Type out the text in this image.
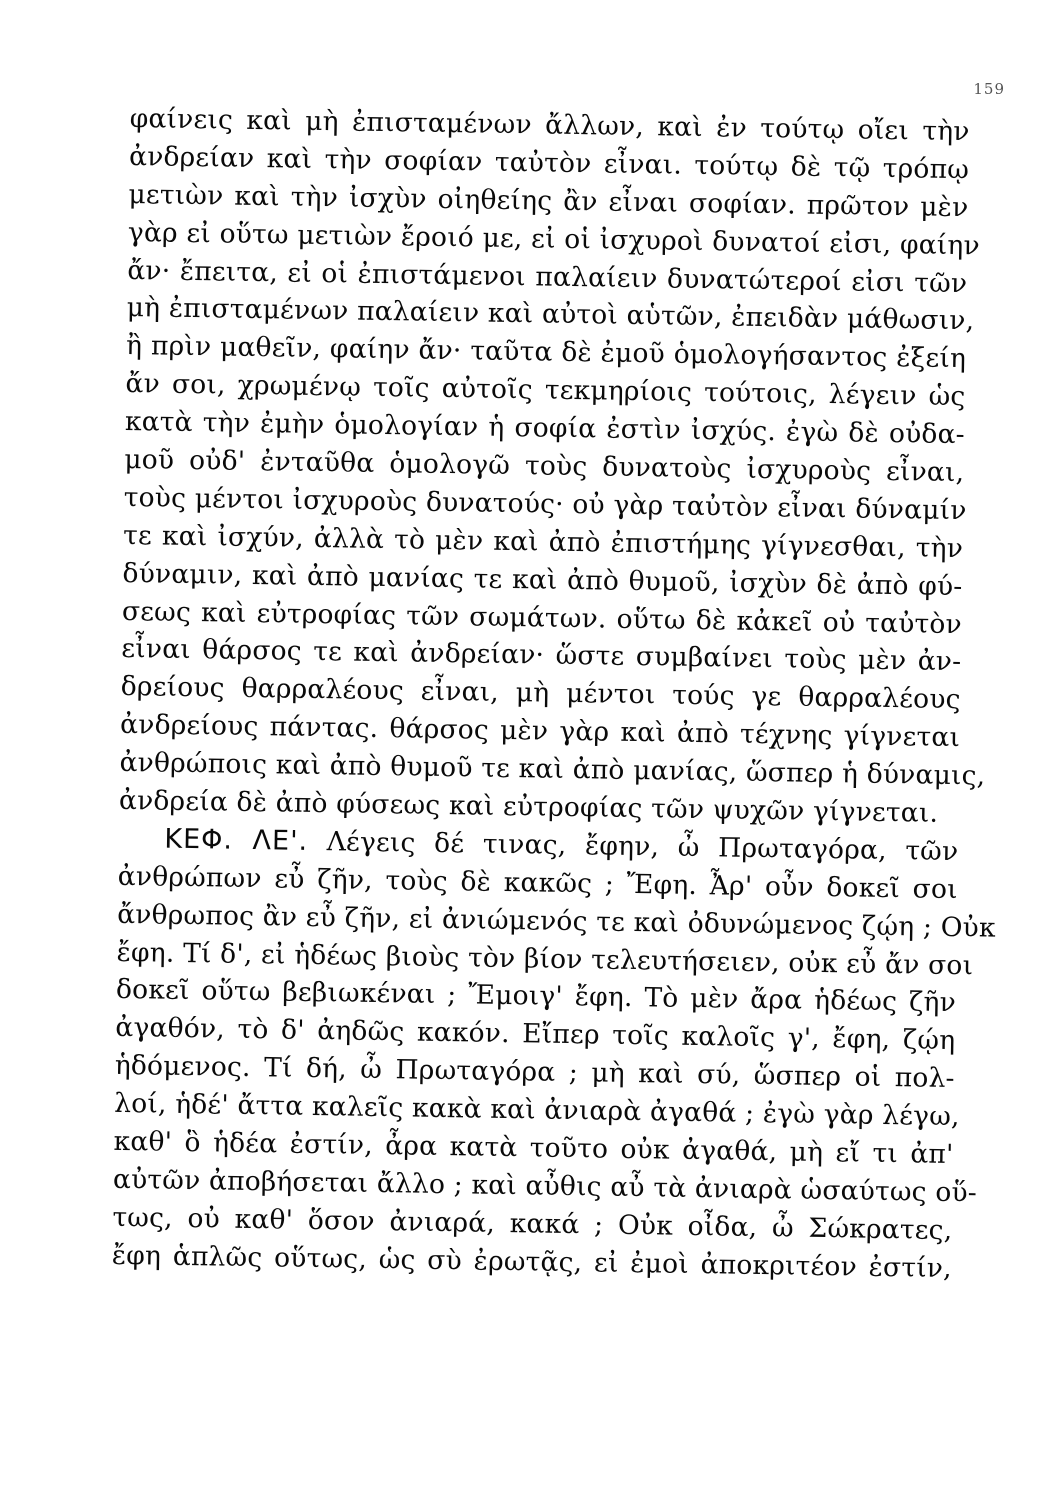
159
φαίνεις καὶ μὴ ἐπισταμένων ἄλλων, καὶ ἐν τούτῳ οἴει τὴν
ἀνδρείαν καὶ τὴν σοφίαν ταὐτὸν εἶναι. τούτῳ δὲ τῷ τρόπῳ
μετιὼν καὶ τὴν ἰσχὺν οἰηθείης ἂν εἶναι σοφίαν. πρῶτον μὲν
γὰρ εἰ οὕτω μετιὼν ἔροιό με, εἰ οἱ ἰσχυροὶ δυνατοί εἰσι, φαίην
ἄν· ἔπειτα, εἰ οἱ ἐπιστάμενοι παλαίειν δυνατώτεροί εἰσι τῶν
μὴ ἐπισταμένων παλαίειν καὶ αὐτοὶ αὑτῶν, ἐπειδὰν μάθωσιν,
ἢ πρὶν μαθεῖν, φαίην ἄν· ταῦτα δὲ ἐμοῦ ὁμολογήσαντος ἐξείη
ἄν σοι, χρωμένῳ τοῖς αὐτοῖς τεκμηρίοις τούτοις, λέγειν ὡς
κατὰ τὴν ἐμὴν ὁμολογίαν ἡ σοφία ἐστὶν ἰσχύς. ἐγὼ δὲ οὐδα-
μοῦ οὐδ' ἐνταῦθα ὁμολογῶ τοὺς δυνατοὺς ἰσχυροὺς εἶναι,
τοὺς μέντοι ἰσχυροὺς δυνατούς· οὐ γὰρ ταὐτὸν εἶναι δύναμίν
τε καὶ ἰσχύν, ἀλλὰ τὸ μὲν καὶ ἀπὸ ἐπιστήμης γίγνεσθαι, τὴν
δύναμιν, καὶ ἀπὸ μανίας τε καὶ ἀπὸ θυμοῦ, ἰσχὺν δὲ ἀπὸ φύ-
σεως καὶ εὐτροφίας τῶν σωμάτων. οὕτω δὲ κἀκεῖ οὐ ταὐτὸν
εἶναι θάρσος τε καὶ ἀνδρείαν· ὥστε συμβαίνει τοὺς μὲν ἀν-
δρείους θαρραλέους εἶναι, μὴ μέντοι τούς γε θαρραλέους
ἀνδρείους πάντας. θάρσος μὲν γὰρ καὶ ἀπὸ τέχνης γίγνεται
ἀνθρώποις καὶ ἀπὸ θυμοῦ τε καὶ ἀπὸ μανίας, ὥσπερ ἡ δύναμις,
ἀνδρεία δὲ ἀπὸ φύσεως καὶ εὐτροφίας τῶν ψυχῶν γίγνεται.
ΚΕΦ. ΛΕ'. Λέγεις δέ τινας, ἔφην, ὦ Πρωταγόρα, τῶν
ἀνθρώπων εὖ ζῆν, τοὺς δὲ κακῶς ; Ἔφη. Ἆρ' οὖν δοκεῖ σοι
ἄνθρωπος ἂν εὖ ζῆν, εἰ ἀνιώμενός τε καὶ ὀδυνώμενος ζῴη ; Οὐκ
ἔφη. Τί δ', εἰ ἡδέως βιοὺς τὸν βίον τελευτήσειεν, οὐκ εὖ ἄν σοι
δοκεῖ οὕτω βεβιωκέναι ; Ἔμοιγ' ἔφη. Τὸ μὲν ἄρα ἡδέως ζῆν
ἀγαθόν, τὸ δ' ἀηδῶς κακόν. Εἴπερ τοῖς καλοῖς γ', ἔφη, ζῴη
ἡδόμενος. Τί δή, ὦ Πρωταγόρα ; μὴ καὶ σύ, ὥσπερ οἱ πολ-
λοί, ἡδέ' ἄττα καλεῖς κακὰ καὶ ἀνιαρὰ ἀγαθά ; ἐγὼ γὰρ λέγω,
καθ' ὃ ἡδέα ἐστίν, ἆρα κατὰ τοῦτο οὐκ ἀγαθά, μὴ εἴ τι ἀπ'
αὐτῶν ἀποβήσεται ἄλλο ; καὶ αὖθις αὖ τὰ ἀνιαρὰ ὡσαύτως οὕ-
τως, οὐ καθ' ὅσον ἀνιαρά, κακά ; Οὐκ οἶδα, ὦ Σώκρατες,
ἔφη ἁπλῶς οὕτως, ὡς σὺ ἐρωτᾷς, εἰ ἐμοὶ ἀποκριτέον ἐστίν,
